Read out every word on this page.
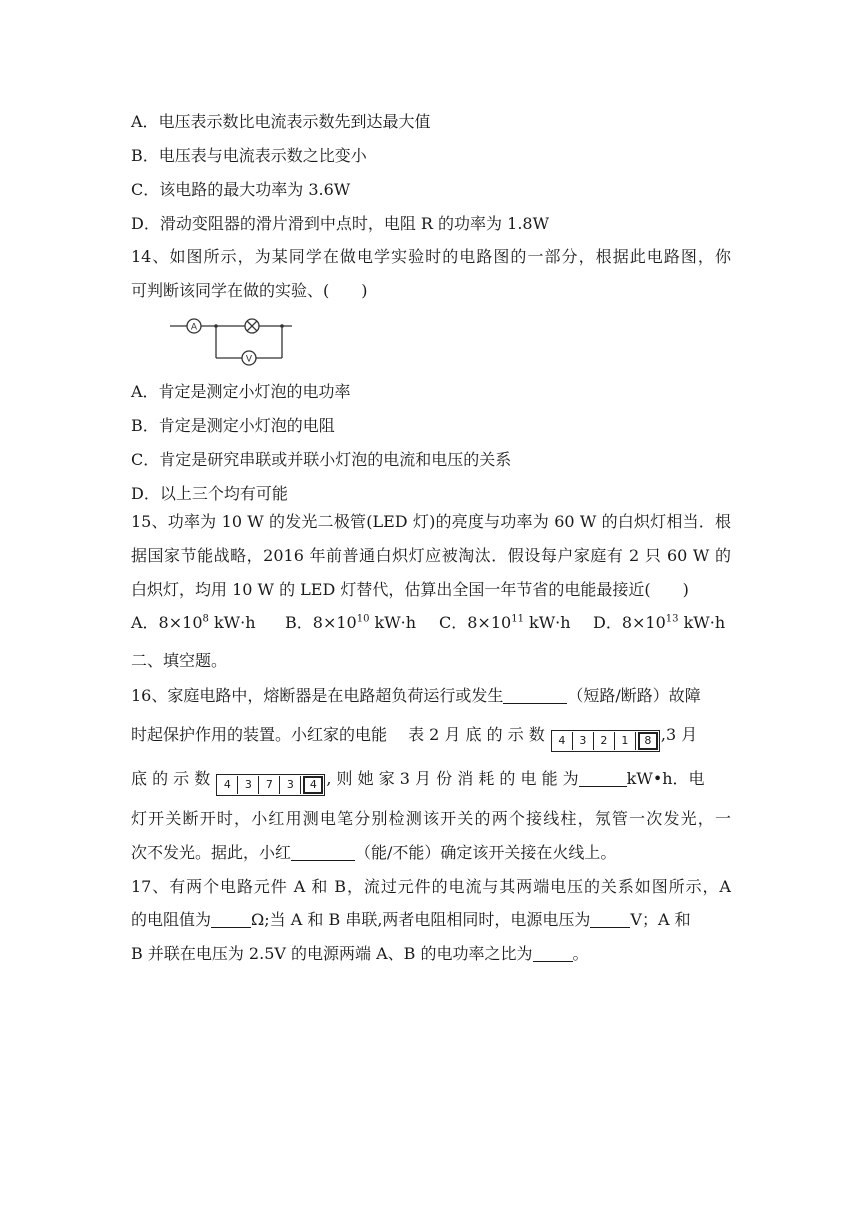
A．电压表示数比电流表示数先到达最大值
B．电压表与电流表示数之比变小
C．该电路的最大功率为 3.6W
D．滑动变阻器的滑片滑到中点时，电阻 R 的功率为 1.8W
14、如图所示，为某同学在做电学实验时的电路图的一部分，根据此电路图，你
可判断该同学在做的实验、(　　)
A
V
A．肯定是测定小灯泡的电功率
B．肯定是测定小灯泡的电阻
C．肯定是研究串联或并联小灯泡的电流和电压的关系
D．以上三个均有可能
15、功率为 10 W 的发光二极管(LED 灯)的亮度与功率为 60 W 的白炽灯相当．根
据国家节能战略，2016 年前普通白炽灯应被淘汰．假设每户家庭有 2 只 60 W 的
白炽灯，均用 10 W 的 LED 灯替代，估算出全国一年节省的电能最接近(　　)
A．$8\times 10^8$ kW·h B．$8\times 10^{10}$ kW·h C．$8\times 10^{11}$ kW·h D．$8\times 10^{13}$ kW·h
二、填空题。
16、家庭电路中，熔断器是在电路超负荷运行或发生	（短路/断路）故障
时起保护作用的装置。小红家的电能　 表 2 月 底 的 示 数	4	3	2	1	8 ,3 月
底 的 示 数	4	3	7	3	4 , 则 她 家 3 月 份 消 耗 的 电 能 为	kW•h．电
灯开关断开时，小红用测电笔分别检测该开关的两个接线柱，氖管一次发光，一
次不发光。据此，小红	（能/不能）确定该开关接在火线上。
17、有两个电路元件 A 和 B，流过元件的电流与其两端电压的关系如图所示，A
的电阻值为	Ω;当 A 和 B 串联,两者电阻相同时，电源电压为	V；A 和
B 并联在电压为 2.5V 的电源两端 A、B 的电功率之比为	。
